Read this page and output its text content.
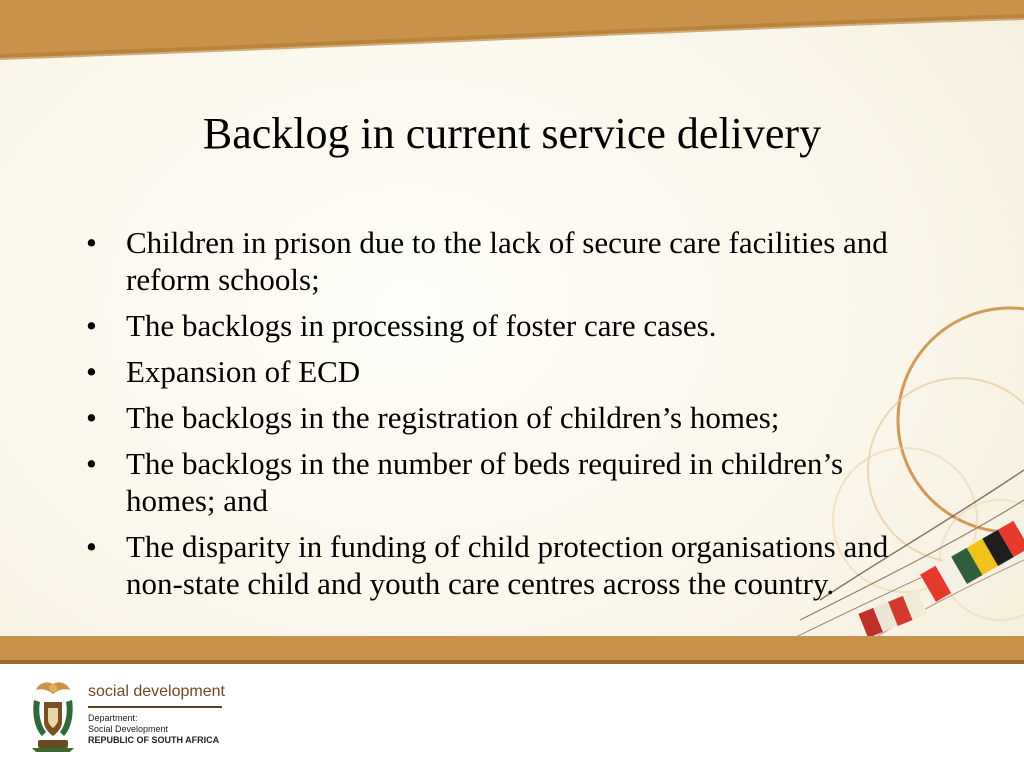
Backlog in current service delivery
• Children in prison due to the lack of secure care facilities and reform schools;
• The backlogs in processing of foster care cases.
• Expansion of ECD
• The backlogs in the registration of children’s homes;
• The backlogs in the number of beds required in children’s homes; and
• The disparity in funding of child protection organisations and non-state child and youth care centres across the country.
social development
Department:
Social Development
REPUBLIC OF SOUTH AFRICA
